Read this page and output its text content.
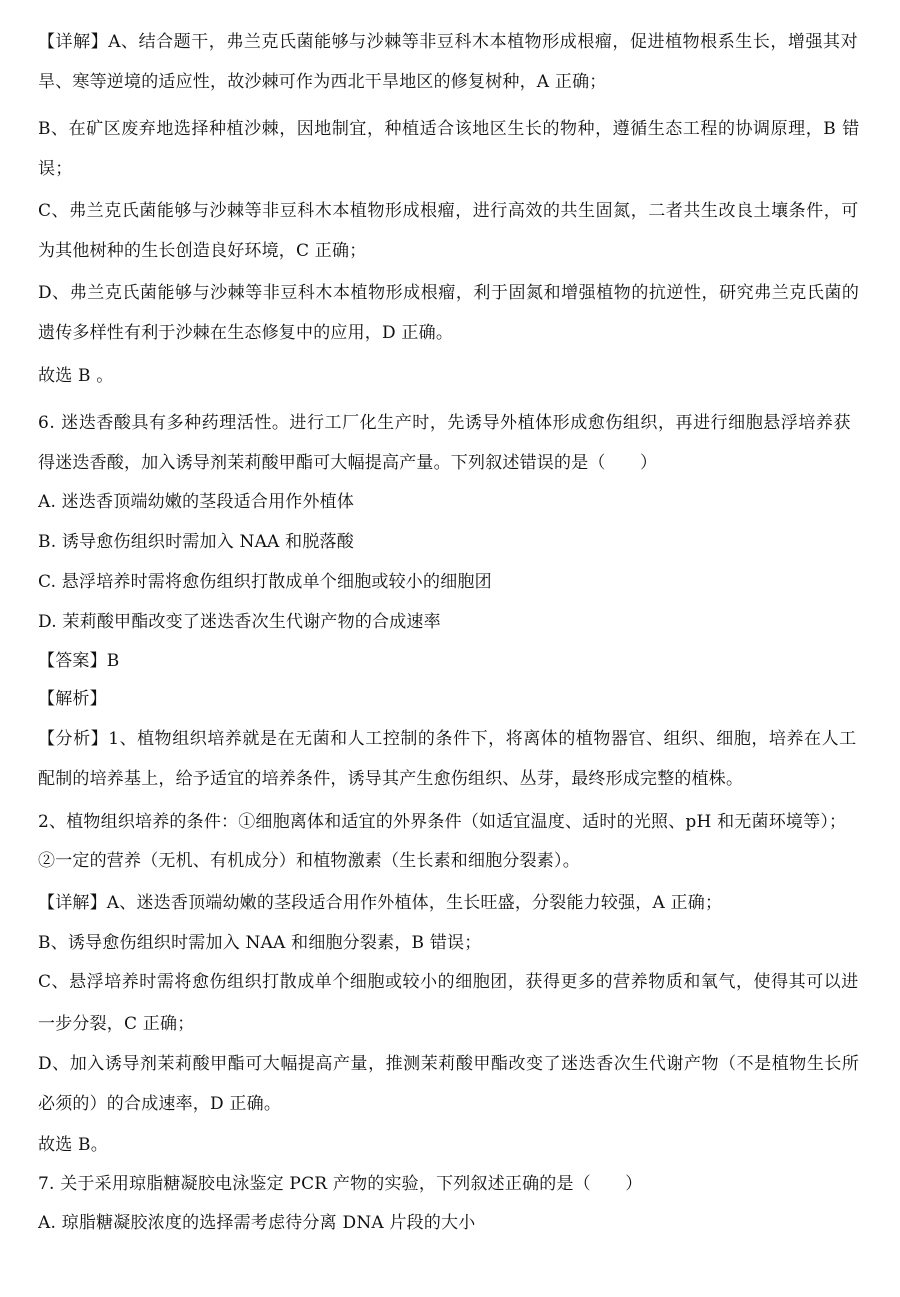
【详解】A、结合题干，弗兰克氏菌能够与沙棘等非豆科木本植物形成根瘤，促进植物根系生长，增强其对
旱、寒等逆境的适应性，故沙棘可作为西北干旱地区的修复树种，A 正确；
B、在矿区废弃地选择种植沙棘，因地制宜，种植适合该地区生长的物种，遵循生态工程的协调原理，B 错
误；
C、弗兰克氏菌能够与沙棘等非豆科木本植物形成根瘤，进行高效的共生固氮，二者共生改良土壤条件，可
为其他树种的生长创造良好环境，C 正确；
D、弗兰克氏菌能够与沙棘等非豆科木本植物形成根瘤，利于固氮和增强植物的抗逆性，研究弗兰克氏菌的
遗传多样性有利于沙棘在生态修复中的应用，D 正确。
故选 B 。
6. 迷迭香酸具有多种药理活性。进行工厂化生产时，先诱导外植体形成愈伤组织，再进行细胞悬浮培养获
得迷迭香酸，加入诱导剂茉莉酸甲酯可大幅提高产量。下列叙述错误的是（　　）
A. 迷迭香顶端幼嫩的茎段适合用作外植体
B. 诱导愈伤组织时需加入 NAA 和脱落酸
C. 悬浮培养时需将愈伤组织打散成单个细胞或较小的细胞团
D. 茉莉酸甲酯改变了迷迭香次生代谢产物的合成速率
【答案】B
【解析】
【分析】1、植物组织培养就是在无菌和人工控制的条件下，将离体的植物器官、组织、细胞，培养在人工
配制的培养基上，给予适宜的培养条件，诱导其产生愈伤组织、丛芽，最终形成完整的植株。
2、植物组织培养的条件：①细胞离体和适宜的外界条件（如适宜温度、适时的光照、pH 和无菌环境等）；
②一定的营养（无机、有机成分）和植物激素（生长素和细胞分裂素）。
【详解】A、迷迭香顶端幼嫩的茎段适合用作外植体，生长旺盛，分裂能力较强，A 正确；
B、诱导愈伤组织时需加入 NAA 和细胞分裂素，B 错误；
C、悬浮培养时需将愈伤组织打散成单个细胞或较小的细胞团，获得更多的营养物质和氧气，使得其可以进
一步分裂，C 正确；
D、加入诱导剂茉莉酸甲酯可大幅提高产量，推测茉莉酸甲酯改变了迷迭香次生代谢产物（不是植物生长所
必须的）的合成速率，D 正确。
故选 B。
7. 关于采用琼脂糖凝胶电泳鉴定 PCR 产物的实验，下列叙述正确的是（　　）
A. 琼脂糖凝胶浓度的选择需考虑待分离 DNA 片段的大小
